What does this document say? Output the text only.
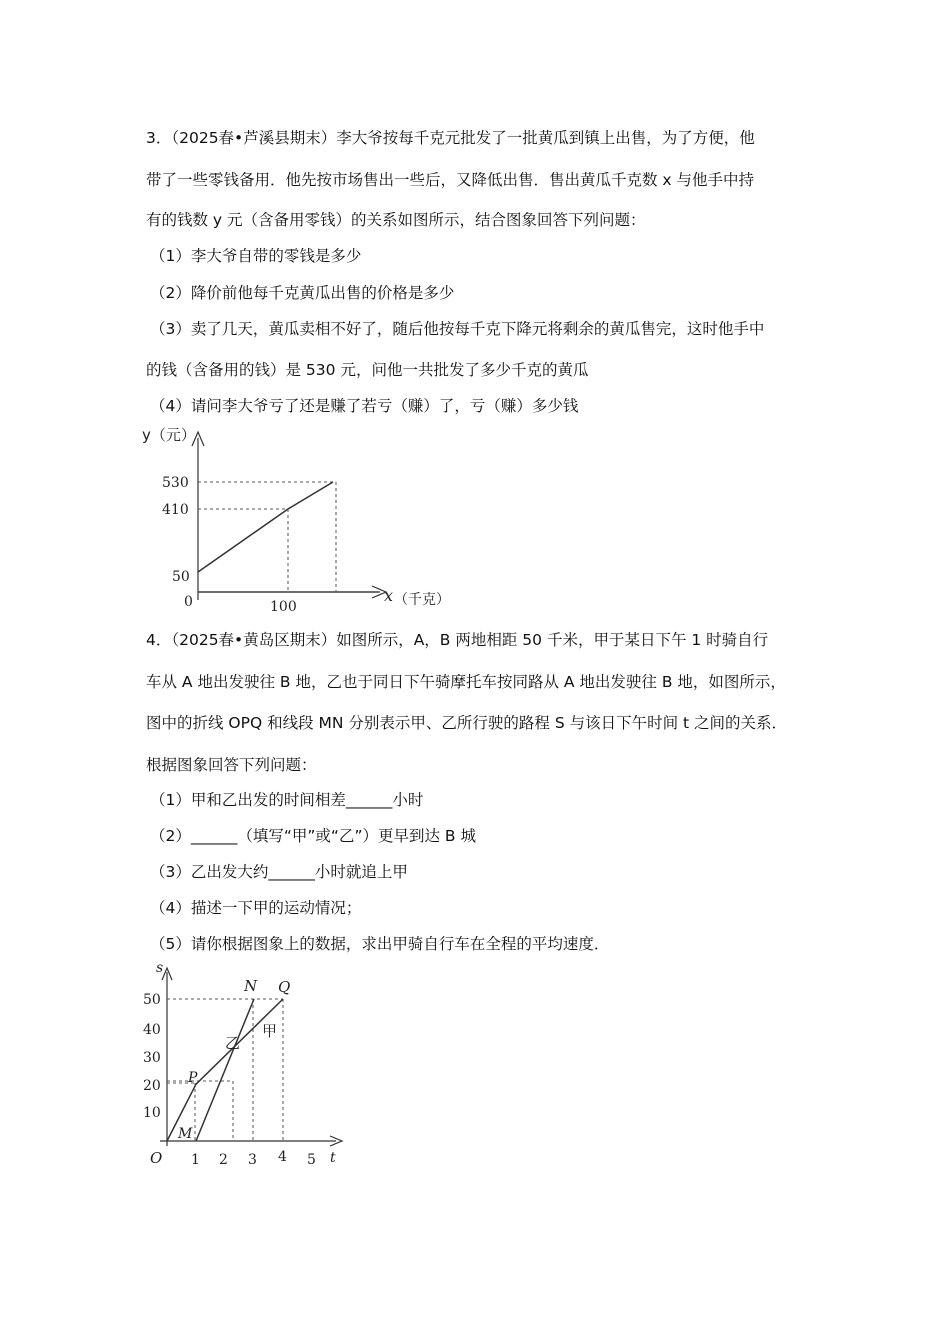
3．（2025春•芦溪县期末）李大爷按每千克元批发了一批黄瓜到镇上出售，为了方便，他
带了一些零钱备用．他先按市场售出一些后，又降低出售．售出黄瓜千克数 x 与他手中持
有的钱数 y 元（含备用零钱）的关系如图所示，结合图象回答下列问题：
（1）李大爷自带的零钱是多少
（2）降价前他每千克黄瓜出售的价格是多少
（3）卖了几天，黄瓜卖相不好了，随后他按每千克下降元将剩余的黄瓜售完，这时他手中
的钱（含备用的钱）是 530 元，问他一共批发了多少千克的黄瓜
（4）请问李大爷亏了还是赚了若亏（赚）了，亏（赚）多少钱
y（元）
530
410
50
0	100
x （千克）
4．（2025春•黄岛区期末）如图所示，A，B 两地相距 50 千米，甲于某日下午 1 时骑自行
车从 A 地出发驶往 B 地，乙也于同日下午骑摩托车按同路从 A 地出发驶往 B 地，如图所示，
图中的折线 OPQ 和线段 MN 分别表示甲、乙所行驶的路程 S 与该日下午时间 t 之间的关系．
根据图象回答下列问题：
（1）甲和乙出发的时间相差______小时
（2）______（填写“甲”或“乙”）更早到达 B 城
（3）乙出发大约______小时就追上甲
（4）描述一下甲的运动情况；
（5）请你根据图象上的数据，求出甲骑自行车在全程的平均速度．
s
50
40
30
20
10
O 1 2 3 4 5 t
N Q
P
M
乙
甲
